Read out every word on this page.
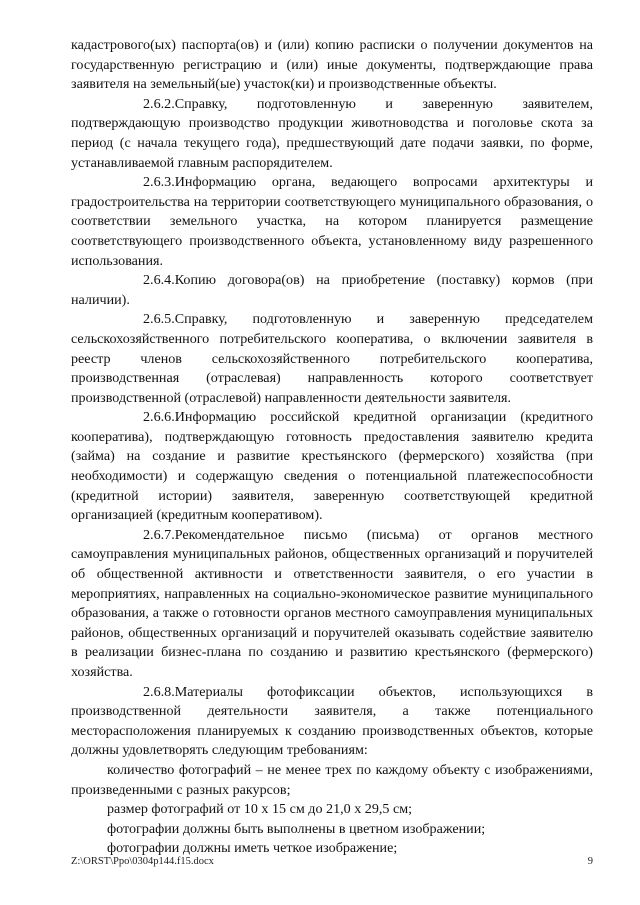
кадастрового(ых) паспорта(ов) и (или) копию расписки о получении документов на государственную регистрацию и (или) иные документы, подтверждающие права заявителя на земельный(ые) участок(ки) и производственные объекты.

2.6.2.Справку, подготовленную и заверенную заявителем, подтверждающую производство продукции животноводства и поголовье скота за период (с начала текущего года), предшествующий дате подачи заявки, по форме, устанавливаемой главным распорядителем.

2.6.3.Информацию органа, ведающего вопросами архитектуры и градостроительства на территории соответствующего муниципального образования, о соответствии земельного участка, на котором планируется размещение соответствующего производственного объекта, установленному виду разрешенного использования.

2.6.4.Копию договора(ов) на приобретение (поставку) кормов (при наличии).

2.6.5.Справку, подготовленную и заверенную председателем сельскохозяйственного потребительского кооператива, о включении заявителя в реестр членов сельскохозяйственного потребительского кооператива, производственная (отраслевая) направленность которого соответствует производственной (отраслевой) направленности деятельности заявителя.

2.6.6.Информацию российской кредитной организации (кредитного кооператива), подтверждающую готовность предоставления заявителю кредита (займа) на создание и развитие крестьянского (фермерского) хозяйства (при необходимости) и содержащую сведения о потенциальной платежеспособности (кредитной истории) заявителя, заверенную соответствующей кредитной организацией (кредитным кооперативом).

2.6.7.Рекомендательное письмо (письма) от органов местного самоуправления муниципальных районов, общественных организаций и поручителей об общественной активности и ответственности заявителя, о его участии в мероприятиях, направленных на социально-экономическое развитие муниципального образования, а также о готовности органов местного самоуправления муниципальных районов, общественных организаций и поручителей оказывать содействие заявителю в реализации бизнес-плана по созданию и развитию крестьянского (фермерского) хозяйства.

2.6.8.Материалы фотофиксации объектов, использующихся в производственной деятельности заявителя, а также потенциального месторасположения планируемых к созданию производственных объектов, которые должны удовлетворять следующим требованиям:

количество фотографий – не менее трех по каждому объекту с изображениями, произведенными с разных ракурсов;

размер фотографий от 10 х 15 см до 21,0 х 29,5 см;

фотографии должны быть выполнены в цветном изображении;

фотографии должны иметь четкое изображение;

Z:\ORST\Ppo\0304p144.f15.docx	9
